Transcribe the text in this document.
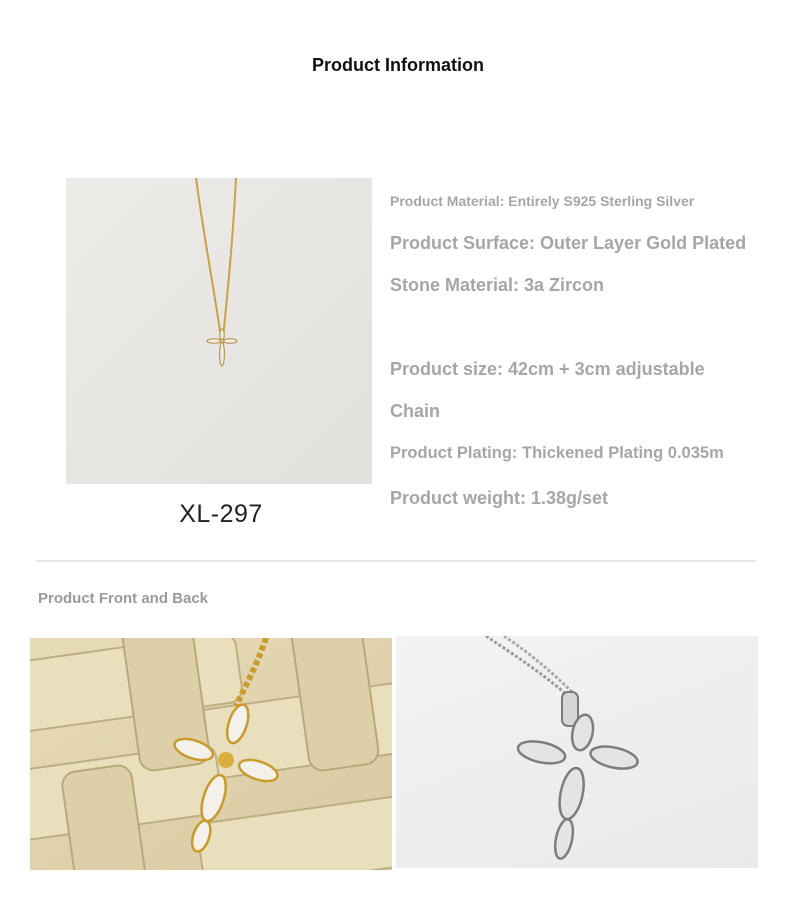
Product Information
XL-297
Product Material: Entirely S925 Sterling Silver
Product Surface: Outer Layer Gold Plated
Stone Material: 3a Zircon
Product size: 42cm + 3cm adjustable
Chain
Product Plating: Thickened Plating 0.035m
Product weight: 1.38g/set
Product Front and Back
